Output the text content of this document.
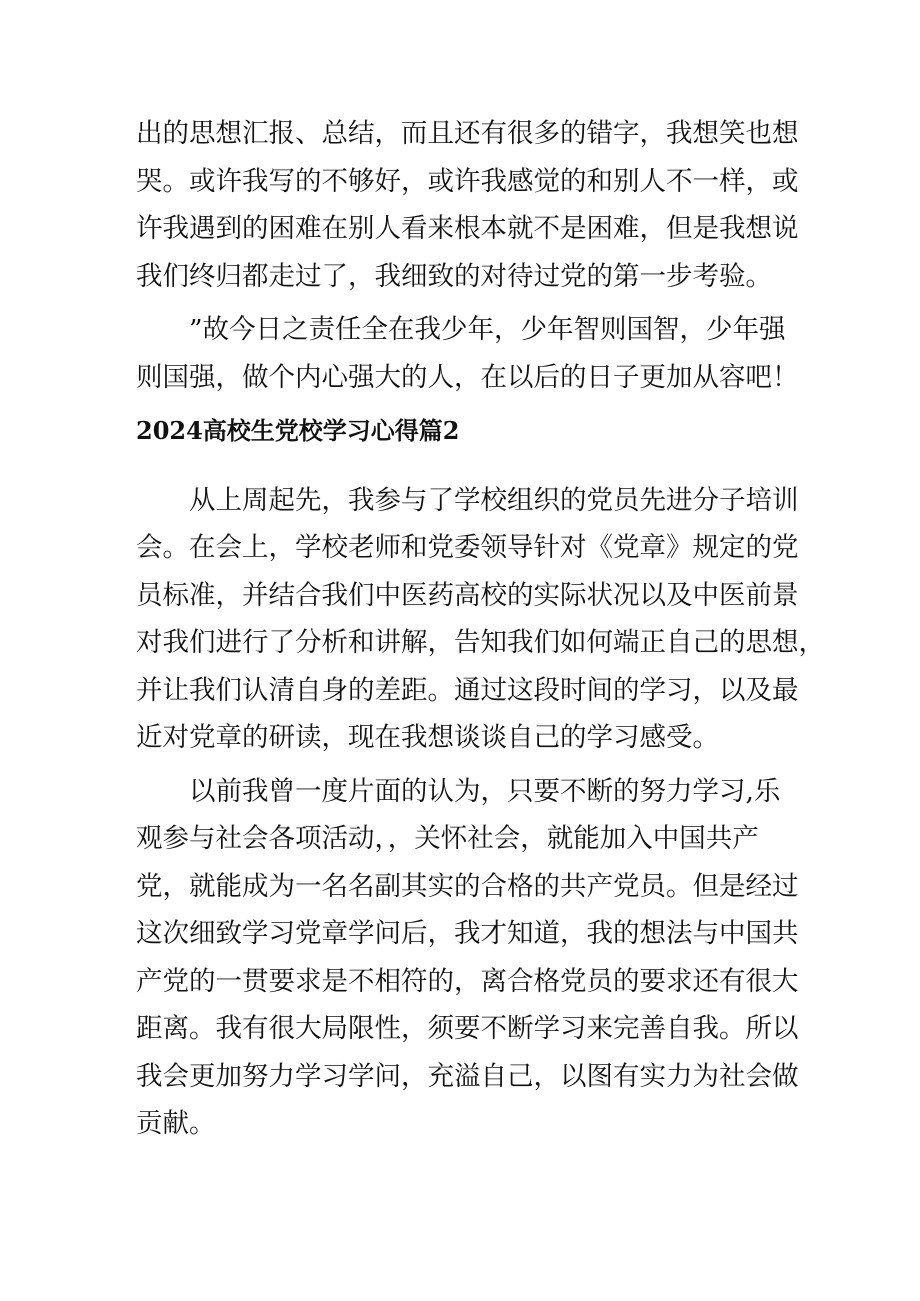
出的思想汇报、总结，而且还有很多的错字，我想笑也想
哭。或许我写的不够好，或许我感觉的和别人不一样，或
许我遇到的困难在别人看来根本就不是困难，但是我想说
我们终归都走过了，我细致的对待过党的第一步考验。
”故今日之责任全在我少年，少年智则国智，少年强
则国强，做个内心强大的人，在以后的日子更加从容吧！
2024高校生党校学习心得篇2
从上周起先，我参与了学校组织的党员先进分子培训
会。在会上，学校老师和党委领导针对《党章》规定的党
员标准，并结合我们中医药高校的实际状况以及中医前景
对我们进行了分析和讲解，告知我们如何端正自己的思想，
并让我们认清自身的差距。通过这段时间的学习，以及最
近对党章的研读，现在我想谈谈自己的学习感受。
以前我曾一度片面的认为，只要不断的努力学习,乐
观参与社会各项活动，，关怀社会，就能加入中国共产
党，就能成为一名名副其实的合格的共产党员。但是经过
这次细致学习党章学问后，我才知道，我的想法与中国共
产党的一贯要求是不相符的，离合格党员的要求还有很大
距离。我有很大局限性，须要不断学习来完善自我。所以
我会更加努力学习学问，充溢自己，以图有实力为社会做
贡献。
